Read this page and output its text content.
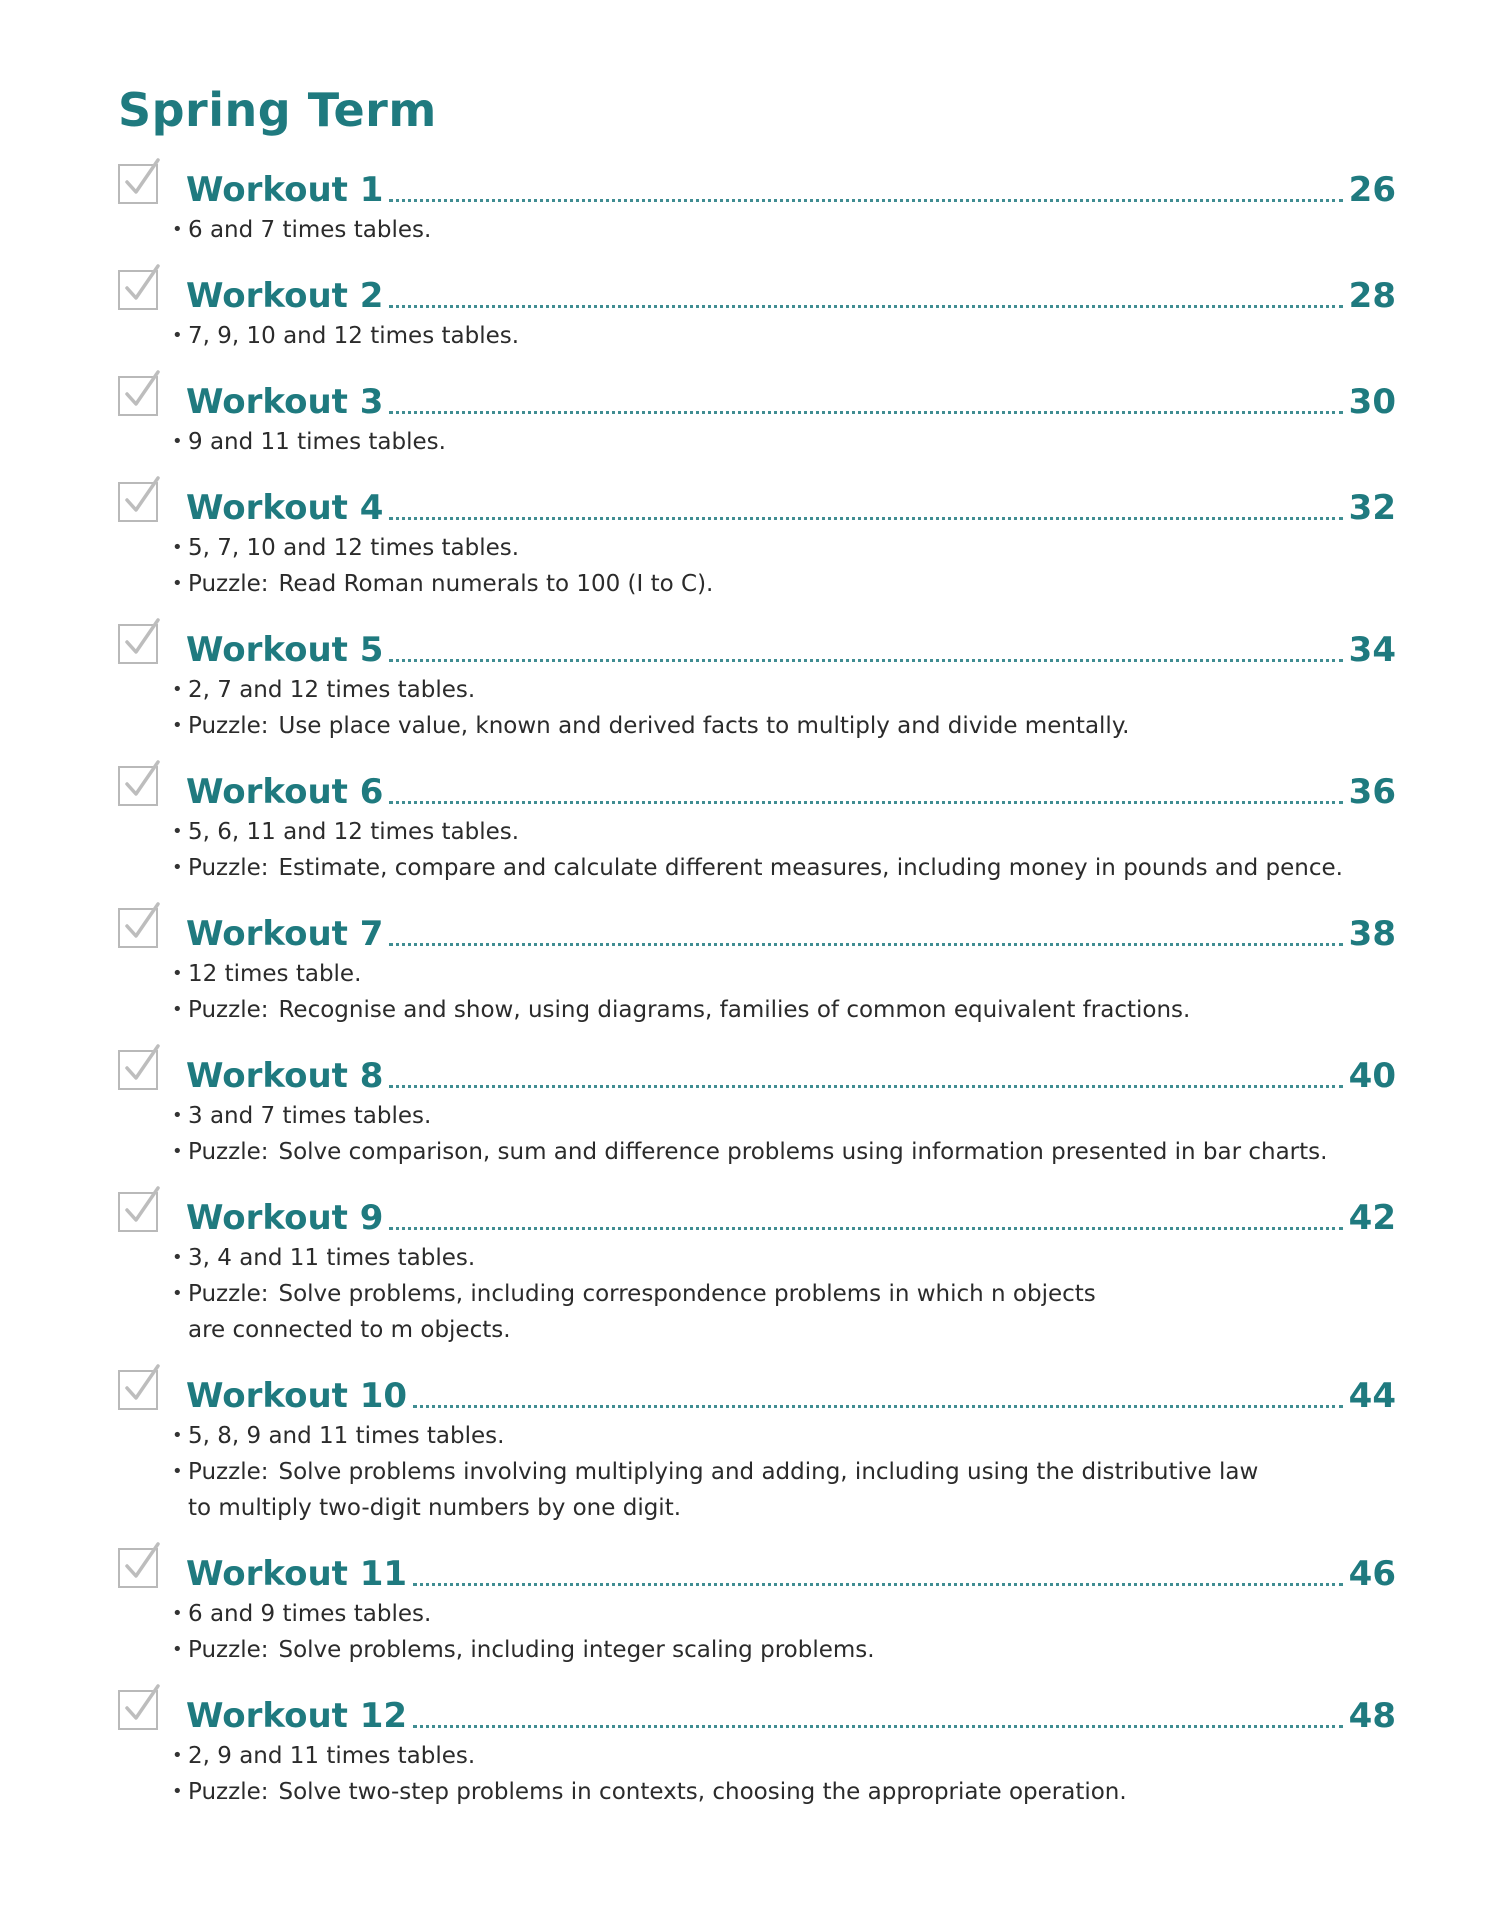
Spring Term
Workout 1	26
• 6 and 7 times tables.
Workout 2	28
• 7, 9, 10 and 12 times tables.
Workout 3	30
• 9 and 11 times tables.
Workout 4	32
• 5, 7, 10 and 12 times tables.
• Puzzle: Read Roman numerals to 100 (I to C).
Workout 5	34
• 2, 7 and 12 times tables.
• Puzzle: Use place value, known and derived facts to multiply and divide mentally.
Workout 6	36
• 5, 6, 11 and 12 times tables.
• Puzzle: Estimate, compare and calculate different measures, including money in pounds and pence.
Workout 7	38
• 12 times table.
• Puzzle: Recognise and show, using diagrams, families of common equivalent fractions.
Workout 8	40
• 3 and 7 times tables.
• Puzzle: Solve comparison, sum and difference problems using information presented in bar charts.
Workout 9	42
• 3, 4 and 11 times tables.
• Puzzle: Solve problems, including correspondence problems in which n objects
are connected to m objects.
Workout 10	44
• 5, 8, 9 and 11 times tables.
• Puzzle: Solve problems involving multiplying and adding, including using the distributive law
to multiply two-digit numbers by one digit.
Workout 11	46
• 6 and 9 times tables.
• Puzzle: Solve problems, including integer scaling problems.
Workout 12	48
• 2, 9 and 11 times tables.
• Puzzle: Solve two-step problems in contexts, choosing the appropriate operation.
